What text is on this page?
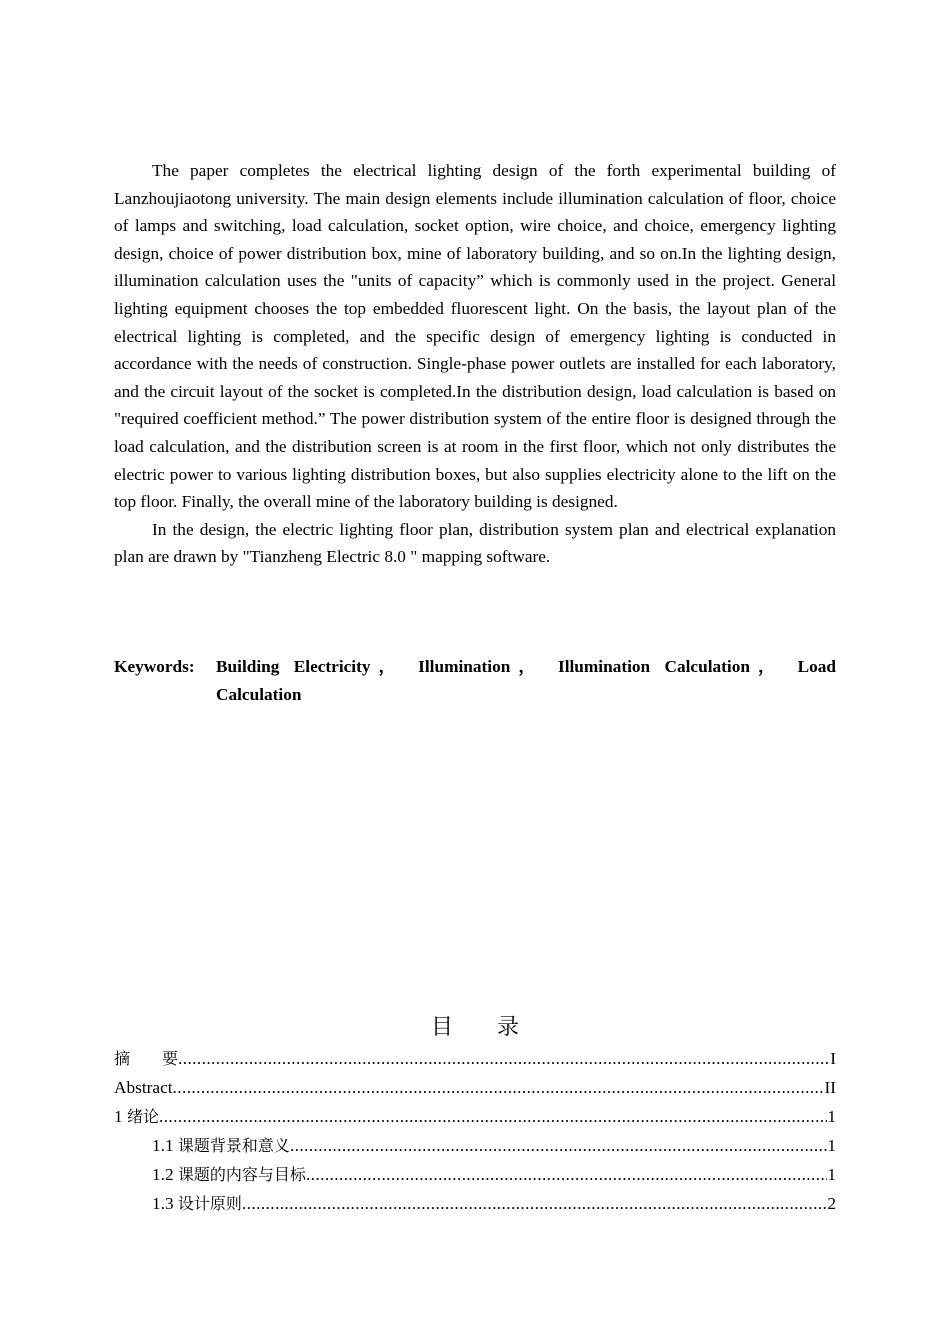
The paper completes the electrical lighting design of the forth experimental building of Lanzhoujiaotong university. The main design elements include illumination calculation of floor, choice of lamps and switching, load calculation, socket option, wire choice, and choice, emergency lighting design, choice of power distribution box, mine of laboratory building, and so on.In the lighting design, illumination calculation uses the "units of capacity” which is commonly used in the project. General lighting equipment chooses the top embedded fluorescent light. On the basis, the layout plan of the electrical lighting is completed, and the specific design of emergency lighting is conducted in accordance with the needs of construction. Single-phase power outlets are installed for each laboratory, and the circuit layout of the socket is completed.In the distribution design, load calculation is based on "required coefficient method.” The power distribution system of the entire floor is designed through the load calculation, and the distribution screen is at room in the first floor, which not only distributes the electric power to various lighting distribution boxes, but also supplies electricity alone to the lift on the top floor. Finally, the overall mine of the laboratory building is designed.

In the design, the electric lighting floor plan, distribution system plan and electrical explanation plan are drawn by "Tianzheng Electric 8.0 " mapping software.

Keywords:	Building Electricity， Illumination， Illumination Calculation， Load Calculation
目　　录
摘　　要 .....	I
Abstract .....	II
1 绪论 .....	1
1.1 课题背景和意义 .....	1
1.2 课题的内容与目标 .....	1
1.3 设计原则 .....	2
